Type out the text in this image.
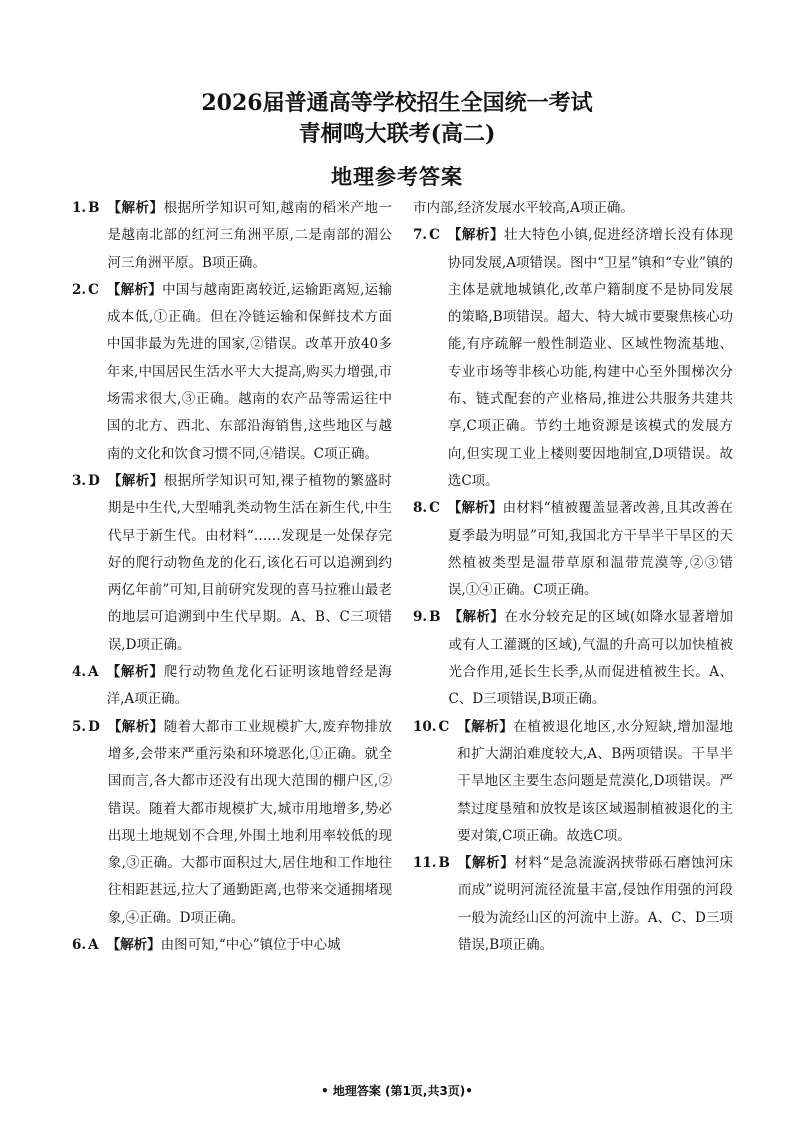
2026届普通高等学校招生全国统一考试
青桐鸣大联考(高二)
地理参考答案
1. B 【解析】根据所学知识可知,越南的稻米产地一是越南北部的红河三角洲平原,二是南部的湄公河三角洲平原。B项正确。
2. C 【解析】中国与越南距离较近,运输距离短,运输成本低,①正确。但在冷链运输和保鲜技术方面中国非最为先进的国家,②错误。改革开放40多年来,中国居民生活水平大大提高,购买力增强,市场需求很大,③正确。越南的农产品等需运往中国的北方、西北、东部沿海销售,这些地区与越南的文化和饮食习惯不同,④错误。C项正确。
3. D 【解析】根据所学知识可知,裸子植物的繁盛时期是中生代,大型哺乳类动物生活在新生代,中生代早于新生代。由材料“……发现是一处保存完好的爬行动物鱼龙的化石,该化石可以追溯到约两亿年前”可知,目前研究发现的喜马拉雅山最老的地层可追溯到中生代早期。A、B、C三项错误,D项正确。
4. A 【解析】爬行动物鱼龙化石证明该地曾经是海洋,A项正确。
5. D 【解析】随着大都市工业规模扩大,废弃物排放增多,会带来严重污染和环境恶化,①正确。就全国而言,各大都市还没有出现大范围的棚户区,②错误。随着大都市规模扩大,城市用地增多,势必出现土地规划不合理,外围土地利用率较低的现象,③正确。大都市面积过大,居住地和工作地往往相距甚远,拉大了通勤距离,也带来交通拥堵现象,④正确。D项正确。
6. A 【解析】由图可知,“中心”镇位于中心城
市内部,经济发展水平较高,A项正确。
7. C 【解析】壮大特色小镇,促进经济增长没有体现协同发展,A项错误。图中“卫星”镇和“专业”镇的主体是就地城镇化,改革户籍制度不是协同发展的策略,B项错误。超大、特大城市要聚焦核心功能,有序疏解一般性制造业、区域性物流基地、专业市场等非核心功能,构建中心至外围梯次分布、链式配套的产业格局,推进公共服务共建共享,C项正确。节约土地资源是该模式的发展方向,但实现工业上楼则要因地制宜,D项错误。故选C项。
8. C 【解析】由材料“植被覆盖显著改善,且其改善在夏季最为明显”可知,我国北方干旱半干旱区的天然植被类型是温带草原和温带荒漠等,②③错误,①④正确。C项正确。
9. B 【解析】在水分较充足的区域(如降水显著增加或有人工灌溉的区域),气温的升高可以加快植被光合作用,延长生长季,从而促进植被生长。A、C、D三项错误,B项正确。
10. C 【解析】在植被退化地区,水分短缺,增加湿地和扩大湖泊难度较大,A、B两项错误。干旱半干旱地区主要生态问题是荒漠化,D项错误。严禁过度垦殖和放牧是该区域遏制植被退化的主要对策,C项正确。故选C项。
11. B 【解析】材料“是急流漩涡挟带砾石磨蚀河床而成”说明河流径流量丰富,侵蚀作用强的河段一般为流经山区的河流中上游。A、C、D三项错误,B项正确。
• 地理答案 (第1页,共3页)•
